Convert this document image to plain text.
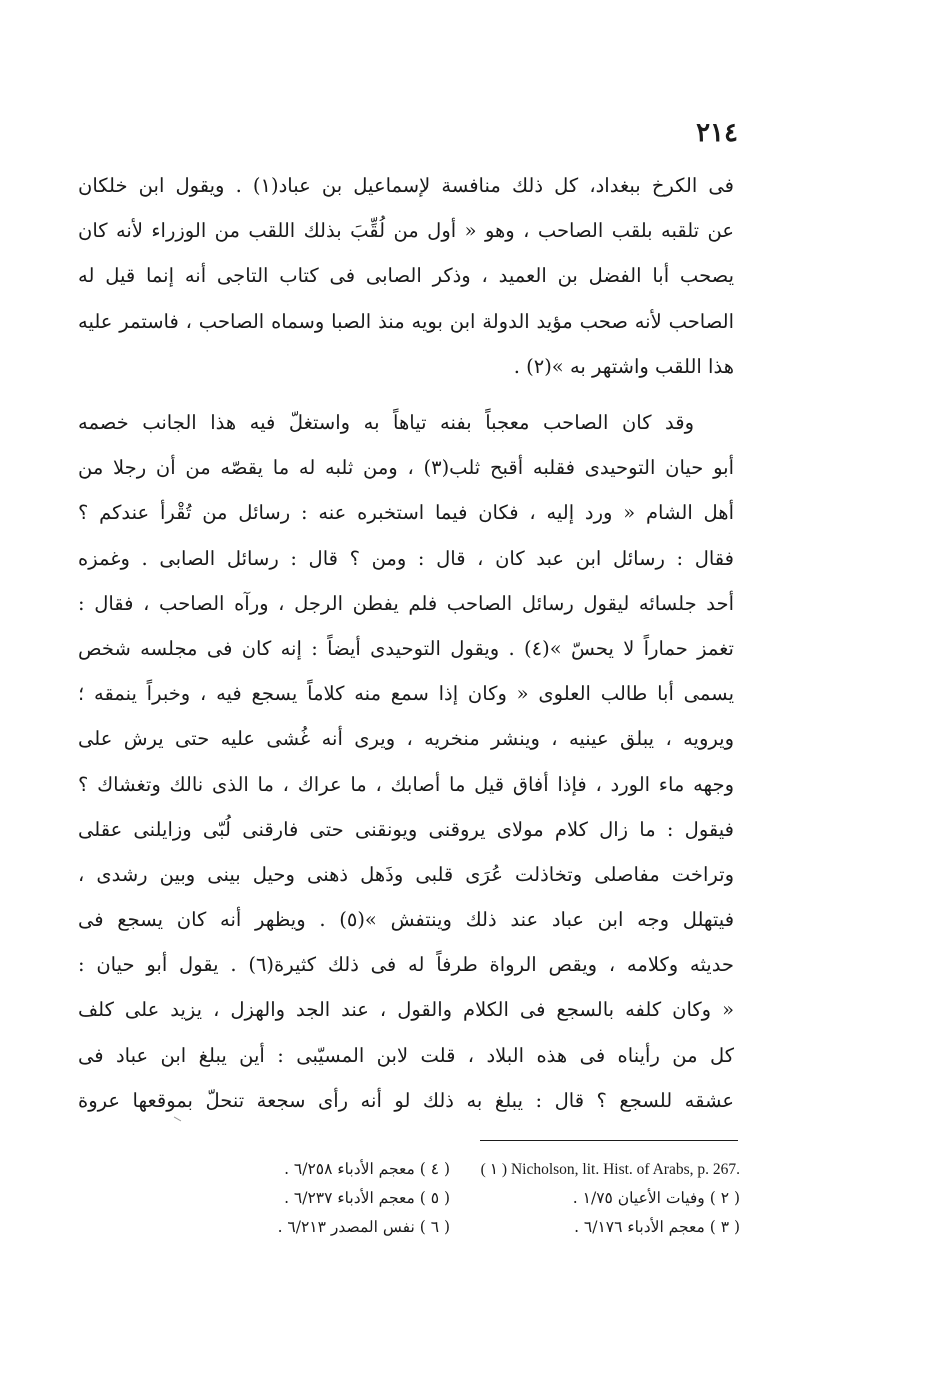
٢١٤
فى الكرخ ببغداد، كل ذلك منافسة لإسماعيل بن عباد(١) . ويقول ابن خلكان
عن تلقبه بلقب الصاحب ، وهو « أول من لُقِّبَ بذلك اللقب من الوزراء لأنه كان
يصحب أبا الفضل بن العميد ، وذكر الصابى فى كتاب التاجى أنه إنما قيل له
الصاحب لأنه صحب مؤيد الدولة ابن بويه منذ الصبا وسماه الصاحب ، فاستمر عليه
هذا اللقب واشتهر به »(٢) .
وقد كان الصاحب معجباً بفنه تياهاً به واستغلّ فيه هذا الجانب خصمه
أبو حيان التوحيدى فقلبه أقبح ثلب(٣) ، ومن ثلبه له ما يقصّه من أن رجلا من
أهل الشام « ورد إليه ، فكان فيما استخبره عنه : رسائل من تُقْرأ عندكم ؟
فقال : رسائل ابن عبد كان ، قال : ومن ؟ قال : رسائل الصابى . وغمزه
أحد جلسائه ليقول رسائل الصاحب فلم يفطن الرجل ، ورآه الصاحب ، فقال :
تغمز حماراً لا يحسّ »(٤) . ويقول التوحيدى أيضاً : إنه كان فى مجلسه شخص
يسمى أبا طالب العلوى « وكان إذا سمع منه كلاماً يسجع فيه ، وخبراً ينمقه ؛
ويرويه ، يبلق عينيه ، وينشر منخريه ، ويرى أنه غُشى عليه حتى يرش على
وجهه ماء الورد ، فإذا أفاق قيل ما أصابك ، ما عراك ، ما الذى نالك وتغشاك ؟
فيقول : ما زال كلام مولاى يروقنى ويونقنى حتى فارقنى لُبّى وزايلنى عقلى
وتراخت مفاصلى وتخاذلت عُرَى قلبى وذَهل ذهنى وحيل بينى وبين رشدى ،
فيتهلل وجه ابن عباد عند ذلك وينتفش »(٥) . ويظهر أنه كان يسجع فى
حديثه وكلامه ، ويقص الرواة طرفاً له فى ذلك كثيرة(٦) . يقول أبو حيان :
« وكان كلفه بالسجع فى الكلام والقول ، عند الجد والهزل ، يزيد على كلف
كل من رأيناه فى هذه البلاد ، قلت لابن المسيّبى : أين يبلغ ابن عباد فى
عشقه للسجع ؟ قال : يبلغ به ذلك لو أنه رأى سجعة تنحلّ بموقعها عروة
( ١ ) Nicholson, lit. Hist. of Arabs, p. 267.
( ٤ ) معجم الأدباء ٦/٢٥٨ .
( ٢ ) وفيات الأعيان ١/٧٥ .
( ٥ ) معجم الأدباء ٦/٢٣٧ .
( ٣ ) معجم الأدباء ٦/١٧٦ .
( ٦ ) نفس المصدر ٦/٢١٣ .
